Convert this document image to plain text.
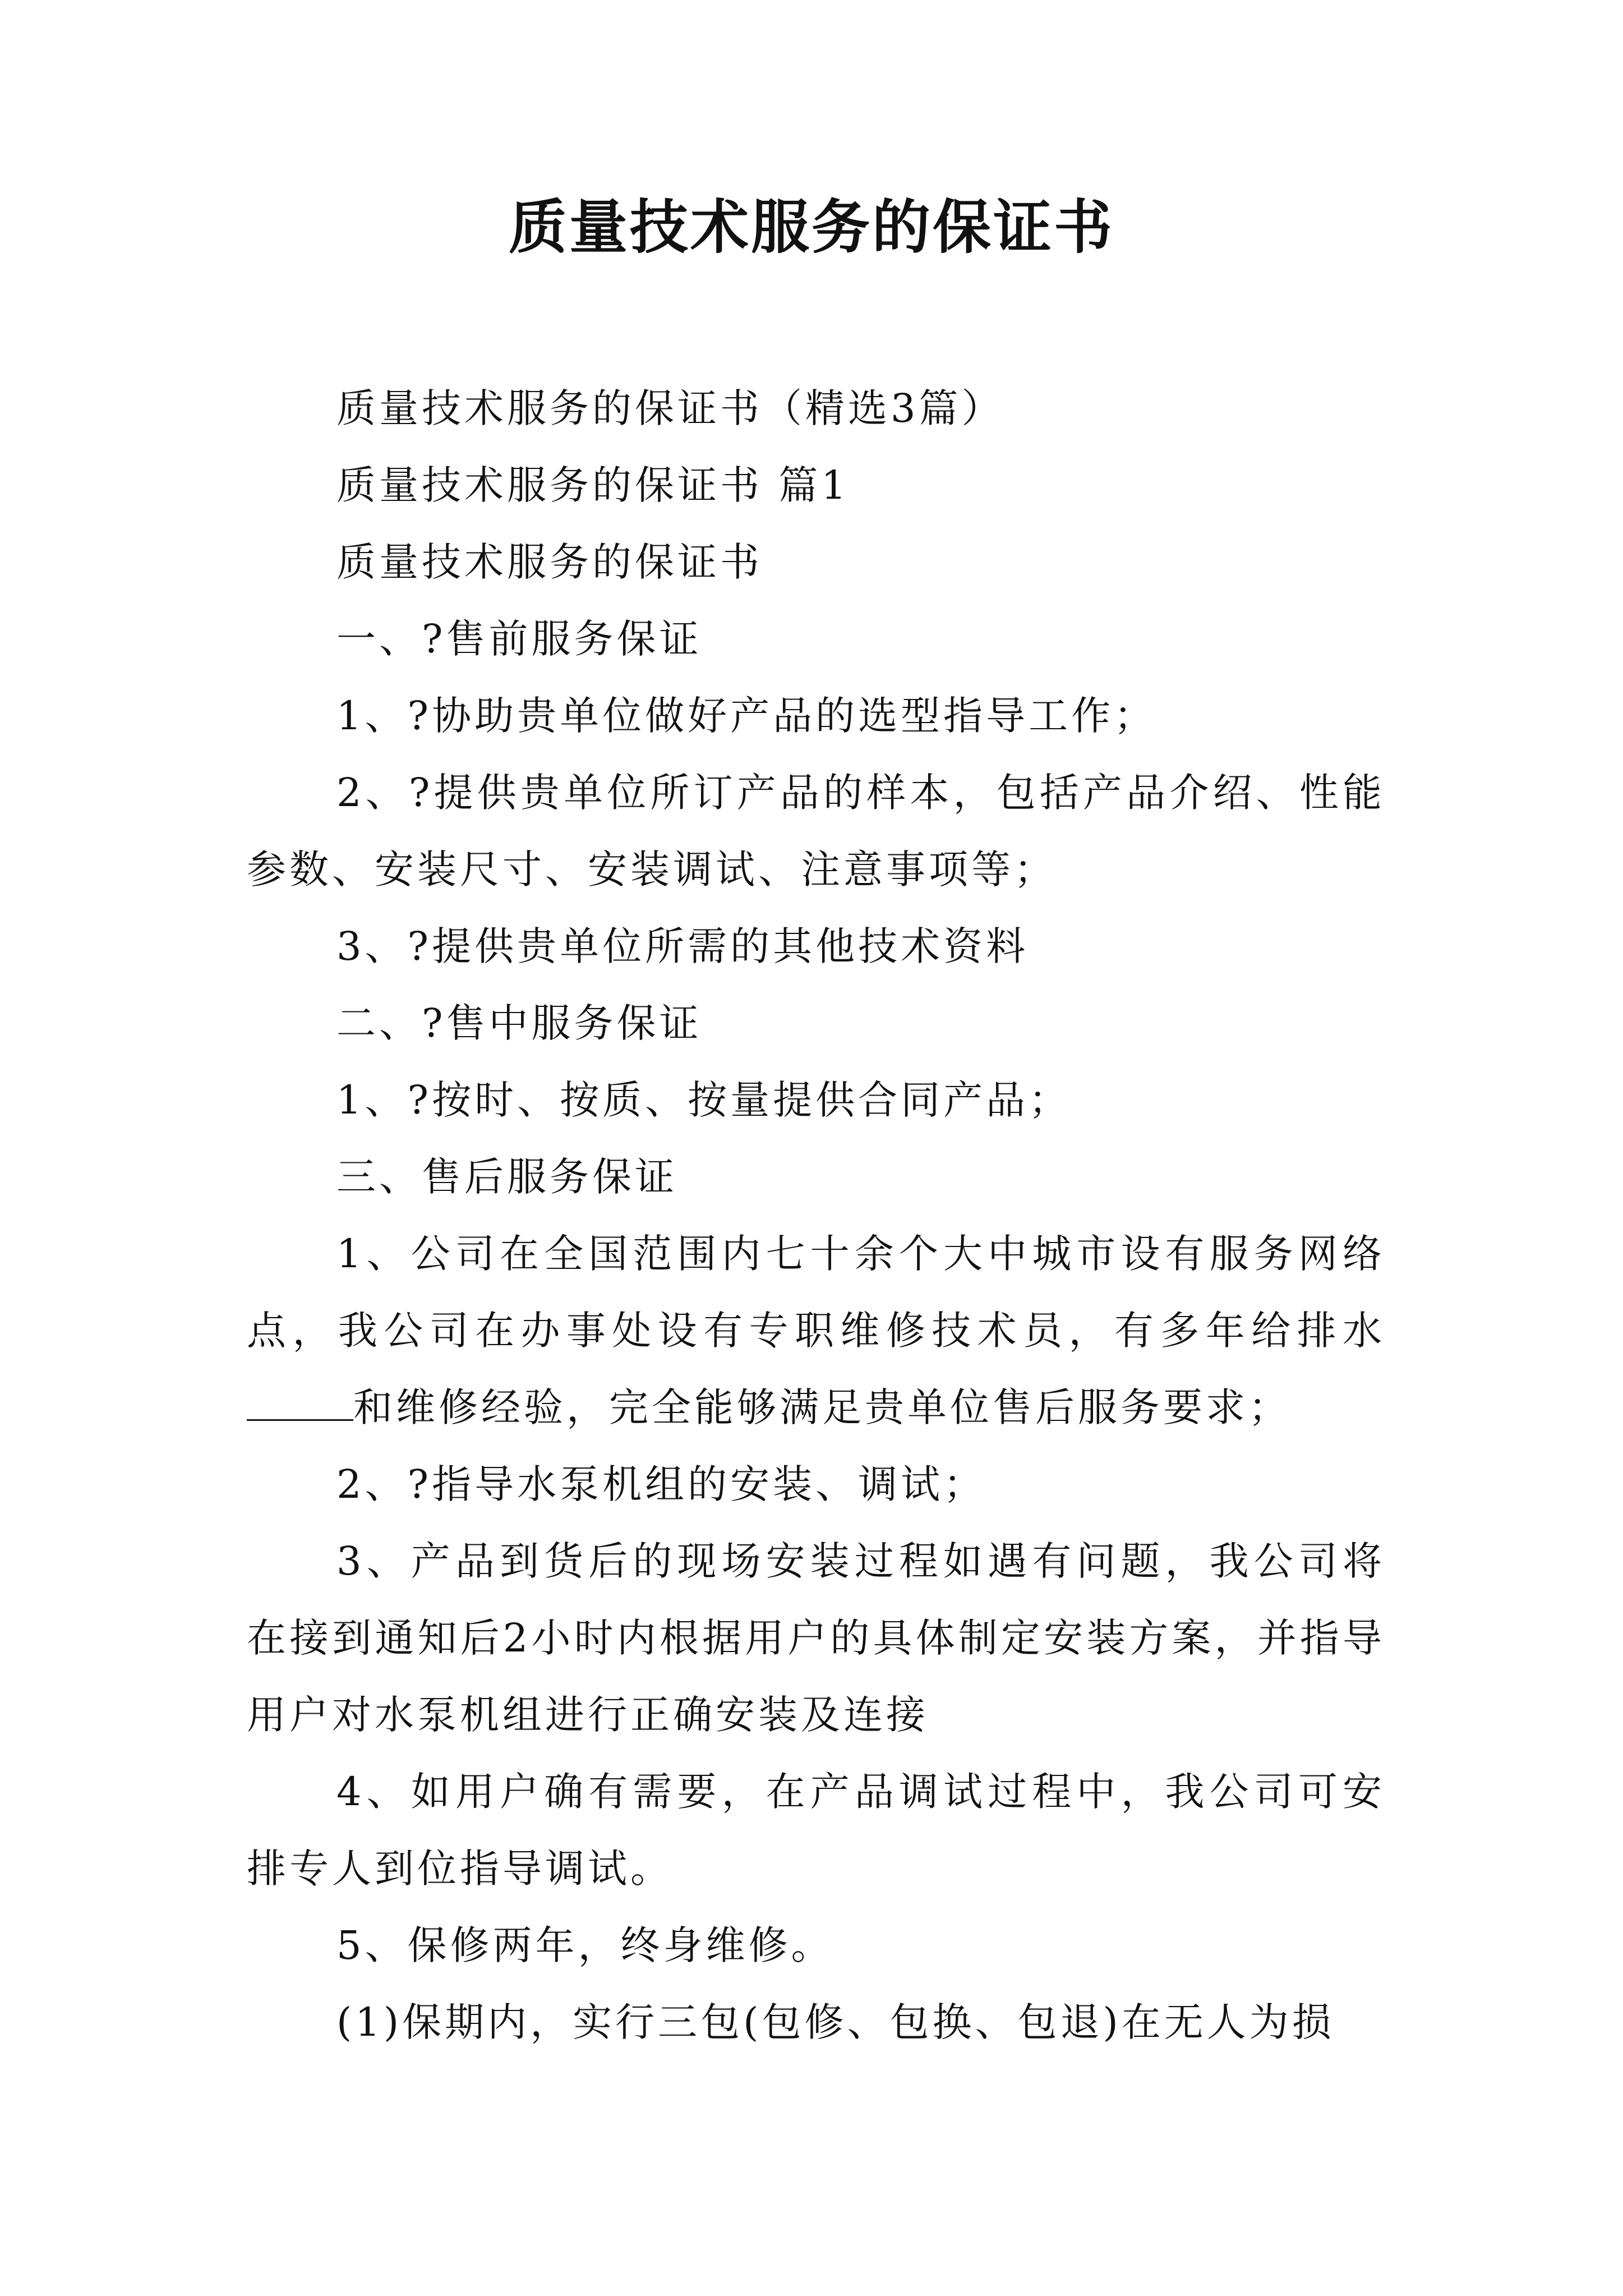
质量技术服务的保证书

质量技术服务的保证书（精选3篇）

质量技术服务的保证书 篇1

质量技术服务的保证书

一、?售前服务保证

1、?协助贵单位做好产品的选型指导工作；

2、?提供贵单位所订产品的样本，包括产品介绍、性能参数、安装尺寸、安装调试、注意事项等；

3、?提供贵单位所需的其他技术资料

二、?售中服务保证

1、?按时、按质、按量提供合同产品；

三、售后服务保证

1、公司在全国范围内七十余个大中城市设有服务网络点，我公司在办事处设有专职维修技术员，有多年给排水和维修经验，完全能够满足贵单位售后服务要求；

2、?指导水泵机组的安装、调试；

3、产品到货后的现场安装过程如遇有问题，我公司将在接到通知后2小时内根据用户的具体制定安装方案，并指导用户对水泵机组进行正确安装及连接

4、如用户确有需要，在产品调试过程中，我公司可安排专人到位指导调试。

5、保修两年，终身维修。

(1)保期内，实行三包(包修、包换、包退)在无人为损
